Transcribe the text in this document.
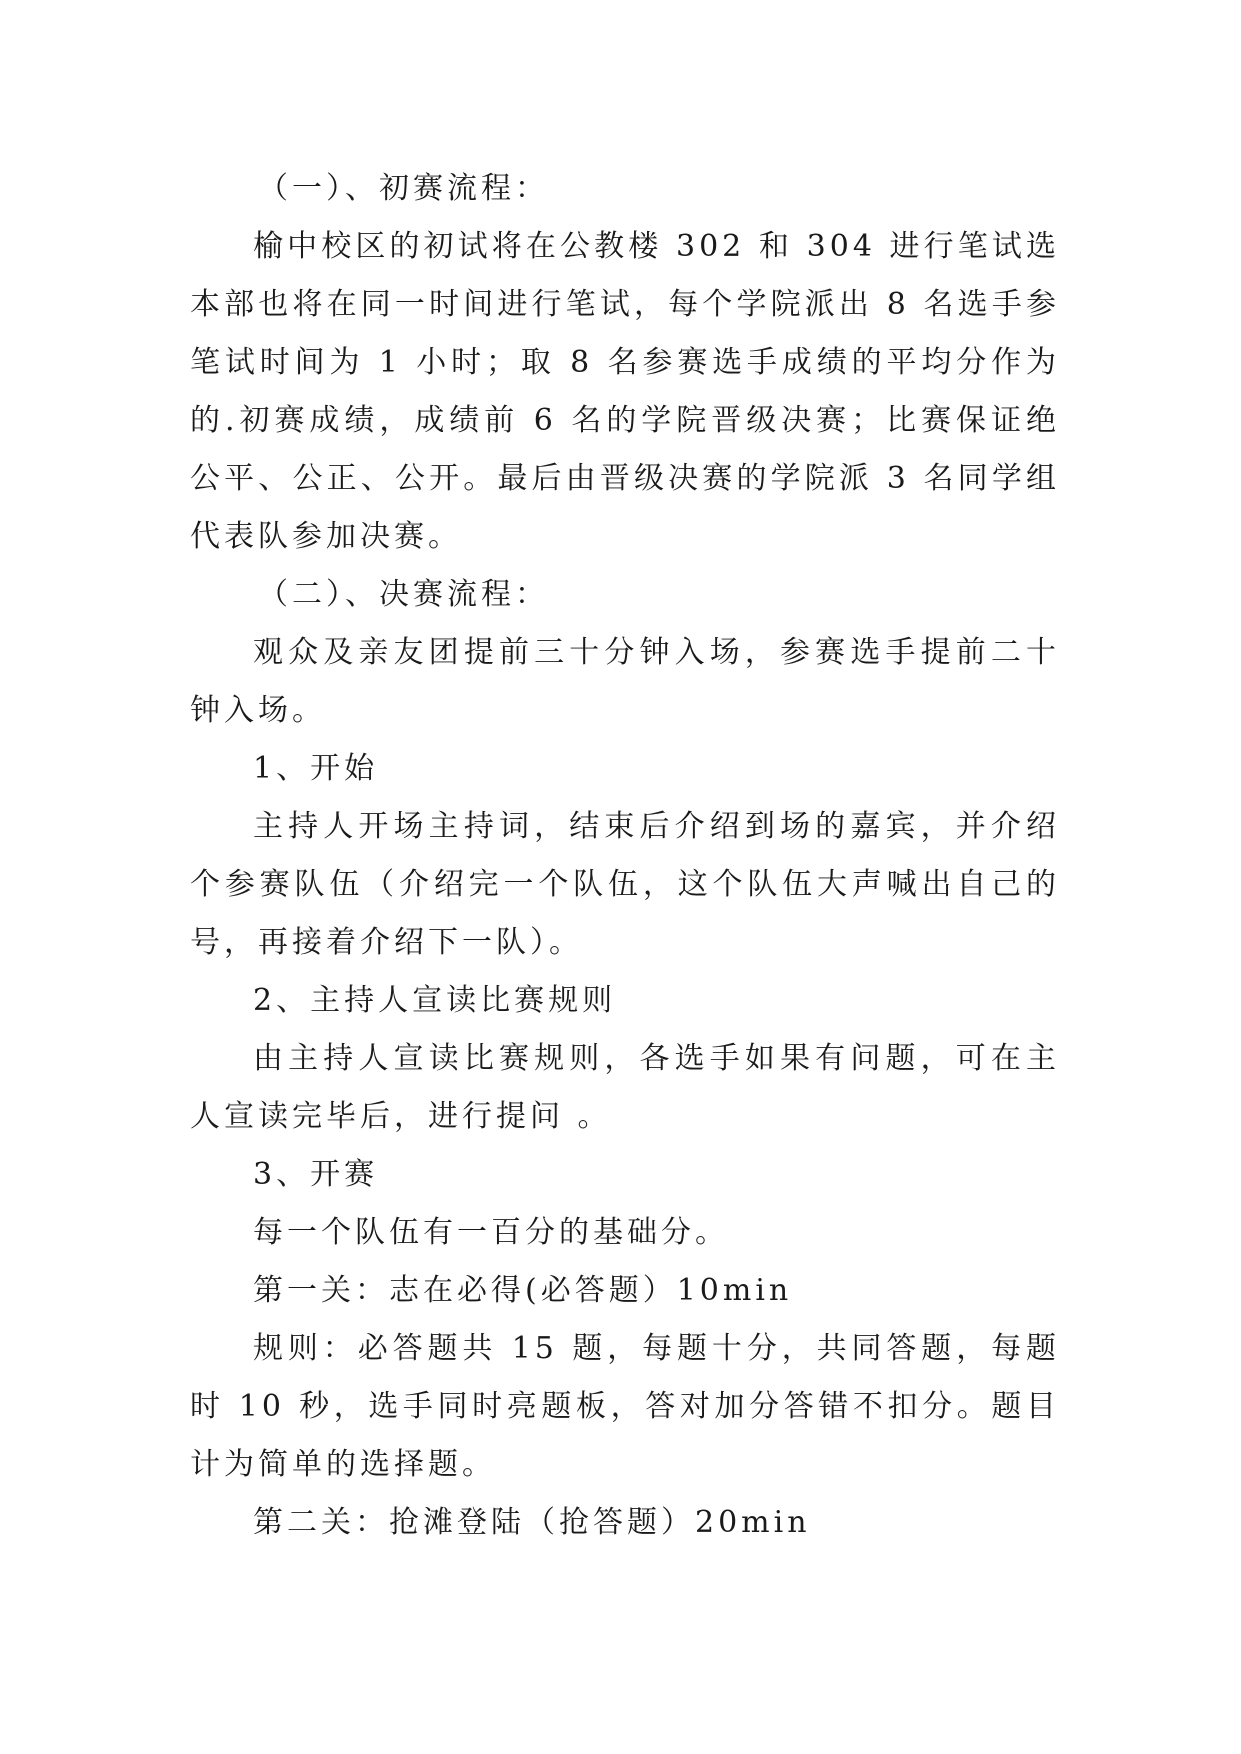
（一）、初赛流程：
榆中校区的初试将在公教楼 302 和 304 进行笔试选
本部也将在同一时间进行笔试，每个学院派出 8 名选手参
笔试时间为 1 小时；取 8 名参赛选手成绩的平均分作为
的.初赛成绩，成绩前 6 名的学院晋级决赛；比赛保证绝
公平、公正、公开。最后由晋级决赛的学院派 3 名同学组
代表队参加决赛。
（二）、决赛流程：
观众及亲友团提前三十分钟入场，参赛选手提前二十
钟入场。
1、开始
主持人开场主持词，结束后介绍到场的嘉宾，并介绍
个参赛队伍（介绍完一个队伍，这个队伍大声喊出自己的
号，再接着介绍下一队）。
2、主持人宣读比赛规则
由主持人宣读比赛规则，各选手如果有问题，可在主
人宣读完毕后，进行提问 。
3、开赛
每一个队伍有一百分的基础分。
第一关：志在必得(必答题）10min
规则：必答题共 15 题，每题十分，共同答题，每题
时 10 秒，选手同时亮题板，答对加分答错不扣分。题目
计为简单的选择题。
第二关：抢滩登陆（抢答题）20min
